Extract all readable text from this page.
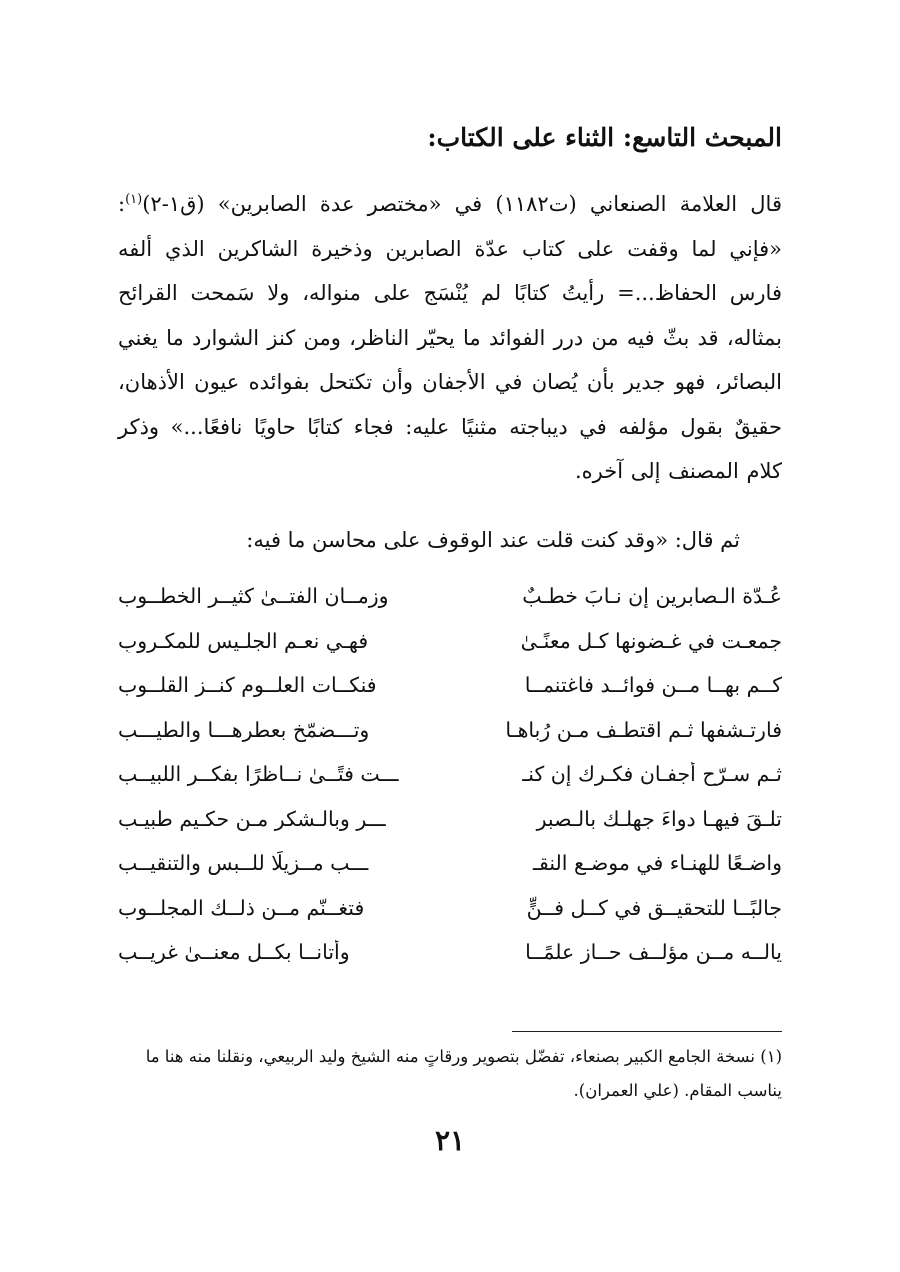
المبحث التاسع: الثناء على الكتاب:
قال العلامة الصنعاني (ت١١٨٢) في «مختصر عدة الصابرين» (ق١-٢)$^{(١)}$: «فإني لما وقفت على كتاب عدّة الصابرين وذخيرة الشاكرين الذي ألفه فارس الحفاظ...= رأيتُ كتابًا لم يُنْسَج على منواله، ولا سَمحت القرائح بمثاله، قد بثّ فيه من درر الفوائد ما يحيّر الناظر، ومن كنز الشوارد ما يغني البصائر، فهو جدير بأن يُصان في الأجفان وأن تكتحل بفوائده عيون الأذهان، حقيقٌ بقول مؤلفه في ديباجته مثنيًا عليه: فجاء كتابًا حاويًا نافعًا...» وذكر كلام المصنف إلى آخره.
ثم قال: «وقد كنت قلت عند الوقوف على محاسن ما فيه:
عُـدّة الـصابرين إن نـابَ خطـبٌ
وزمــان الفتــىٰ كثيــر الخطــوب
جمعـت في غـضونها كـل معنًـىٰ
فهـي نعـم الجلـيس للمكـروبِ
كــم بهــا مــن فوائــد فاغتنمــا
فنكــات العلــوم كنــز القلــوب
فارتـشفها ثـم اقتطـف مـن رُباهـا
وتـــضمّخ بعطرهـــا والطيـــب
ثـم سـرّح أجفـان فكـرك إن كنـ
ـــت فتًــىٰ نــاظرًا بفكــر اللبيــب
تلـقَ فيهـا دواءَ جهلـك بالـصبر
ـــر وبالـشكر مـن حكـيم طبيـب
واضـعًا للهنـاء في موضـع النقـ
ـــب مــزيلًا للــبس والتنقيــب
جالبًــا للتحقيــق في كــل فــنٍّ
فتغــنّم مــن ذلــك المجلــوب
يالــه مــن مؤلــف حــاز علمًــا
وأتانــا بكــل معنــىٰ غريــب
(١) نسخة الجامع الكبير بصنعاء، تفضّل بتصوير ورقاتٍ منه الشيخ وليد الربيعي، ونقلنا منه هنا ما يناسب المقام. (علي العمران).
٢١
